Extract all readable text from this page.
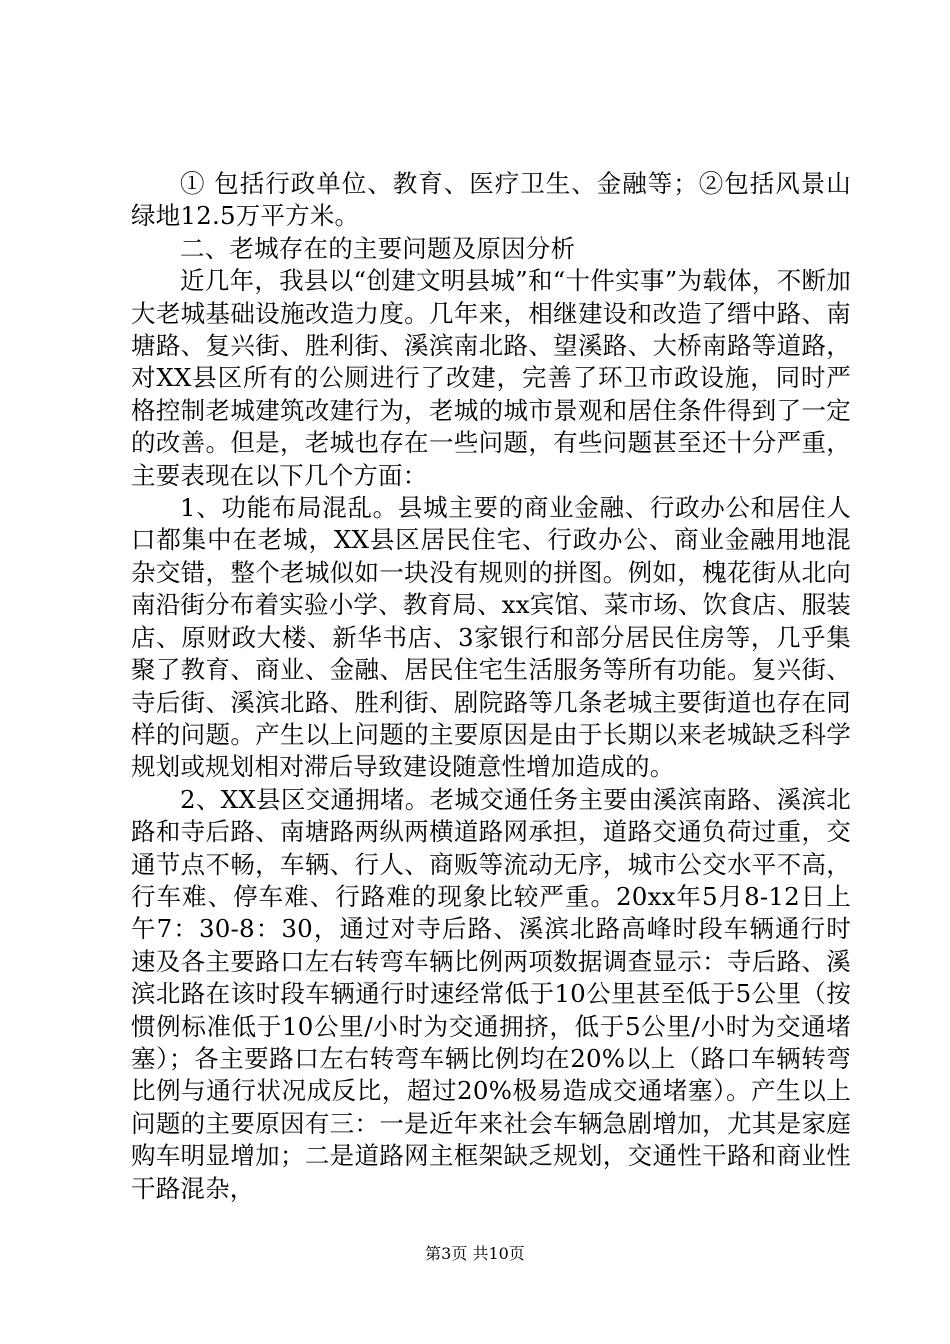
① 包括行政单位、教育、医疗卫生、金融等；②包括风景山绿地12.5万平方米。

二、老城存在的主要问题及原因分析

近几年，我县以“创建文明县城”和“十件实事”为载体，不断加大老城基础设施改造力度。几年来，相继建设和改造了缙中路、南塘路、复兴街、胜利街、溪滨南北路、望溪路、大桥南路等道路，对XX县区所有的公厕进行了改建，完善了环卫市政设施，同时严格控制老城建筑改建行为，老城的城市景观和居住条件得到了一定的改善。但是，老城也存在一些问题，有些问题甚至还十分严重，主要表现在以下几个方面：

1、功能布局混乱。县城主要的商业金融、行政办公和居住人口都集中在老城，XX县区居民住宅、行政办公、商业金融用地混杂交错，整个老城似如一块没有规则的拼图。例如，槐花街从北向南沿街分布着实验小学、教育局、xx宾馆、菜市场、饮食店、服装店、原财政大楼、新华书店、3家银行和部分居民住房等，几乎集聚了教育、商业、金融、居民住宅生活服务等所有功能。复兴街、寺后街、溪滨北路、胜利街、剧院路等几条老城主要街道也存在同样的问题。产生以上问题的主要原因是由于长期以来老城缺乏科学规划或规划相对滞后导致建设随意性增加造成的。

2、XX县区交通拥堵。老城交通任务主要由溪滨南路、溪滨北路和寺后路、南塘路两纵两横道路网承担，道路交通负荷过重，交通节点不畅，车辆、行人、商贩等流动无序，城市公交水平不高，行车难、停车难、行路难的现象比较严重。20xx年5月8-12日上午7：30-8：30，通过对寺后路、溪滨北路高峰时段车辆通行时速及各主要路口左右转弯车辆比例两项数据调查显示：寺后路、溪滨北路在该时段车辆通行时速经常低于10公里甚至低于5公里（按惯例标准低于10公里/小时为交通拥挤，低于5公里/小时为交通堵塞）；各主要路口左右转弯车辆比例均在20%以上（路口车辆转弯比例与通行状况成反比，超过20%极易造成交通堵塞）。产生以上问题的主要原因有三：一是近年来社会车辆急剧增加，尤其是家庭购车明显增加；二是道路网主框架缺乏规划，交通性干路和商业性干路混杂，

第3页 共10页
